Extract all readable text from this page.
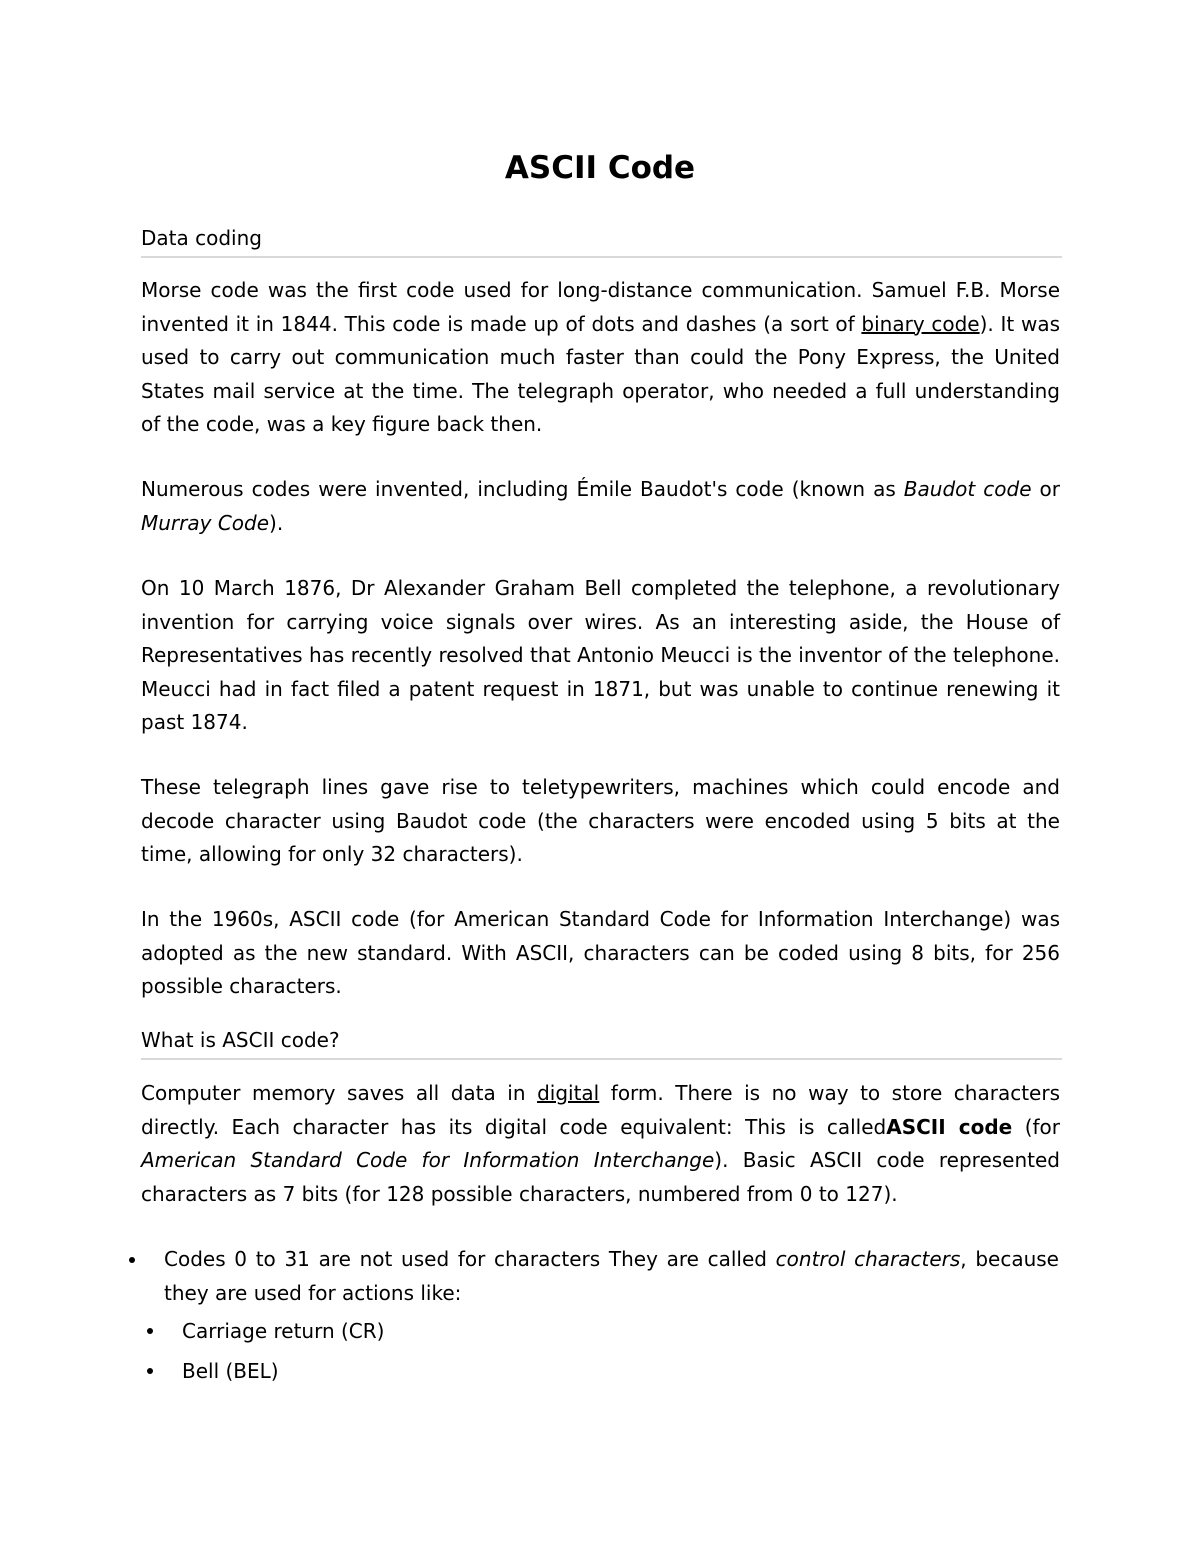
ASCII Code
Data coding

Morse code was the first code used for long-distance communication. Samuel F.B. Morse invented it in 1844. This code is made up of dots and dashes (a sort of binary code). It was used to carry out communication much faster than could the Pony Express, the United States mail service at the time. The telegraph operator, who needed a full understanding of the code, was a key figure back then.

Numerous codes were invented, including Émile Baudot's code (known as Baudot code or Murray Code).

On 10 March 1876, Dr Alexander Graham Bell completed the telephone, a revolutionary invention for carrying voice signals over wires. As an interesting aside, the House of Representatives has recently resolved that Antonio Meucci is the inventor of the telephone. Meucci had in fact filed a patent request in 1871, but was unable to continue renewing it past 1874.

These telegraph lines gave rise to teletypewriters, machines which could encode and decode character using Baudot code (the characters were encoded using 5 bits at the time, allowing for only 32 characters).

In the 1960s, ASCII code (for American Standard Code for Information Interchange) was adopted as the new standard. With ASCII, characters can be coded using 8 bits, for 256 possible characters.

What is ASCII code?

Computer memory saves all data in digital form. There is no way to store characters directly. Each character has its digital code equivalent: This is calledASCII code (for American Standard Code for Information Interchange). Basic ASCII code represented characters as 7 bits (for 128 possible characters, numbered from 0 to 127).

Codes 0 to 31 are not used for characters They are called control characters, because they are used for actions like:

Carriage return (CR)
Bell (BEL)
